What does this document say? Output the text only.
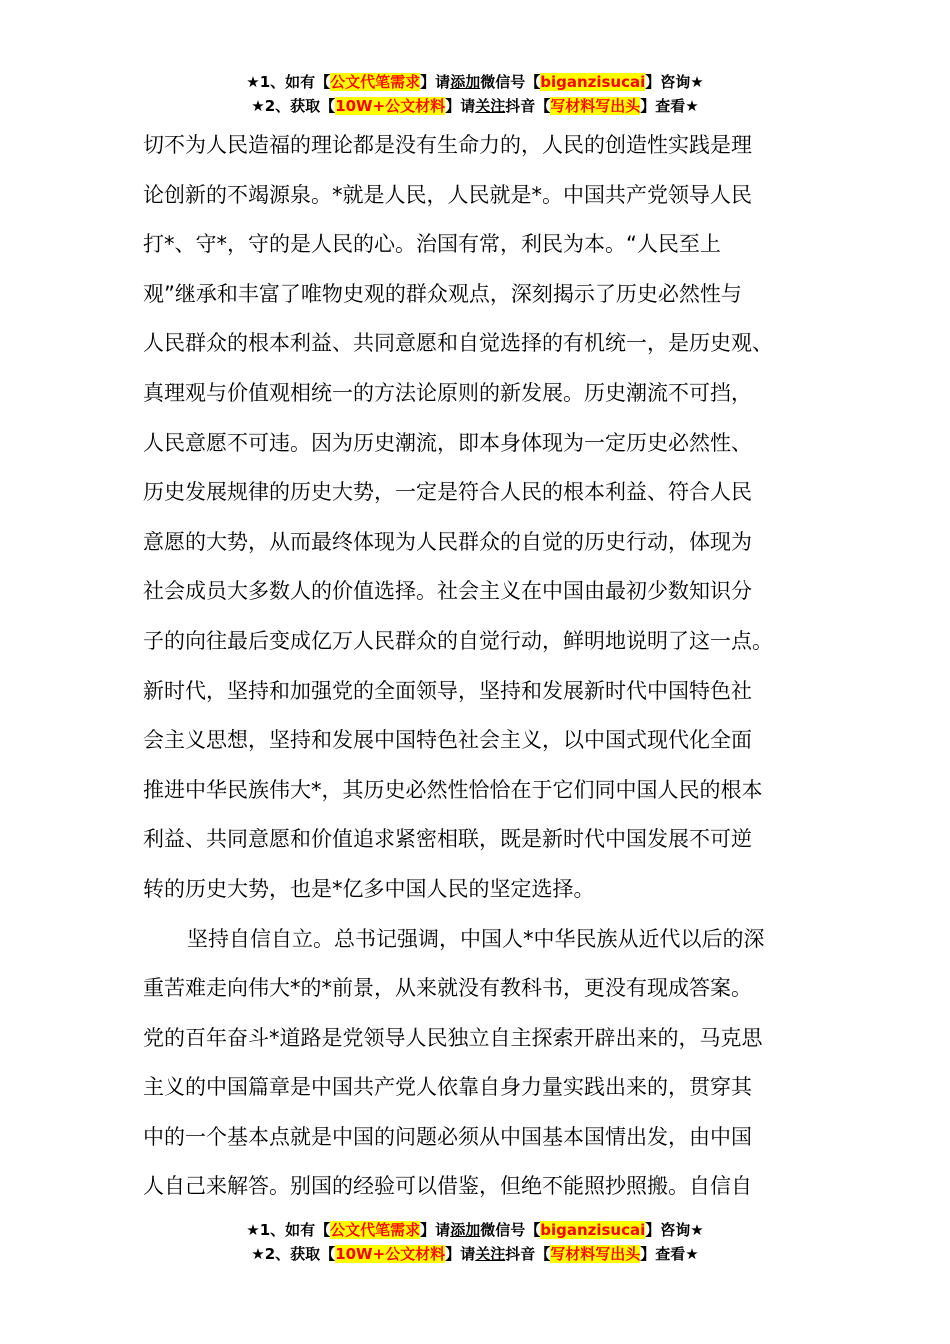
★1、如有【公文代笔需求】请添加微信号【biganzisucai】咨询★
★2、获取【10W+公文材料】请关注抖音【写材料写出头】查看★

切不为人民造福的理论都是没有生命力的，人民的创造性实践是理
论创新的不竭源泉。*就是人民，人民就是*。中国共产党领导人民
打*、守*，守的是人民的心。治国有常，利民为本。“人民至上
观”继承和丰富了唯物史观的群众观点，深刻揭示了历史必然性与
人民群众的根本利益、共同意愿和自觉选择的有机统一，是历史观、
真理观与价值观相统一的方法论原则的新发展。历史潮流不可挡，
人民意愿不可违。因为历史潮流，即本身体现为一定历史必然性、
历史发展规律的历史大势，一定是符合人民的根本利益、符合人民
意愿的大势，从而最终体现为人民群众的自觉的历史行动，体现为
社会成员大多数人的价值选择。社会主义在中国由最初少数知识分
子的向往最后变成亿万人民群众的自觉行动，鲜明地说明了这一点。
新时代，坚持和加强党的全面领导，坚持和发展新时代中国特色社
会主义思想，坚持和发展中国特色社会主义，以中国式现代化全面
推进中华民族伟大*，其历史必然性恰恰在于它们同中国人民的根本
利益、共同意愿和价值追求紧密相联，既是新时代中国发展不可逆
转的历史大势，也是*亿多中国人民的坚定选择。

坚持自信自立。总书记强调，中国人*中华民族从近代以后的深
重苦难走向伟大*的*前景，从来就没有教科书，更没有现成答案。
党的百年奋斗*道路是党领导人民独立自主探索开辟出来的，马克思
主义的中国篇章是中国共产党人依靠自身力量实践出来的，贯穿其
中的一个基本点就是中国的问题必须从中国基本国情出发，由中国
人自己来解答。别国的经验可以借鉴，但绝不能照抄照搬。自信自

★1、如有【公文代笔需求】请添加微信号【biganzisucai】咨询★
★2、获取【10W+公文材料】请关注抖音【写材料写出头】查看★
